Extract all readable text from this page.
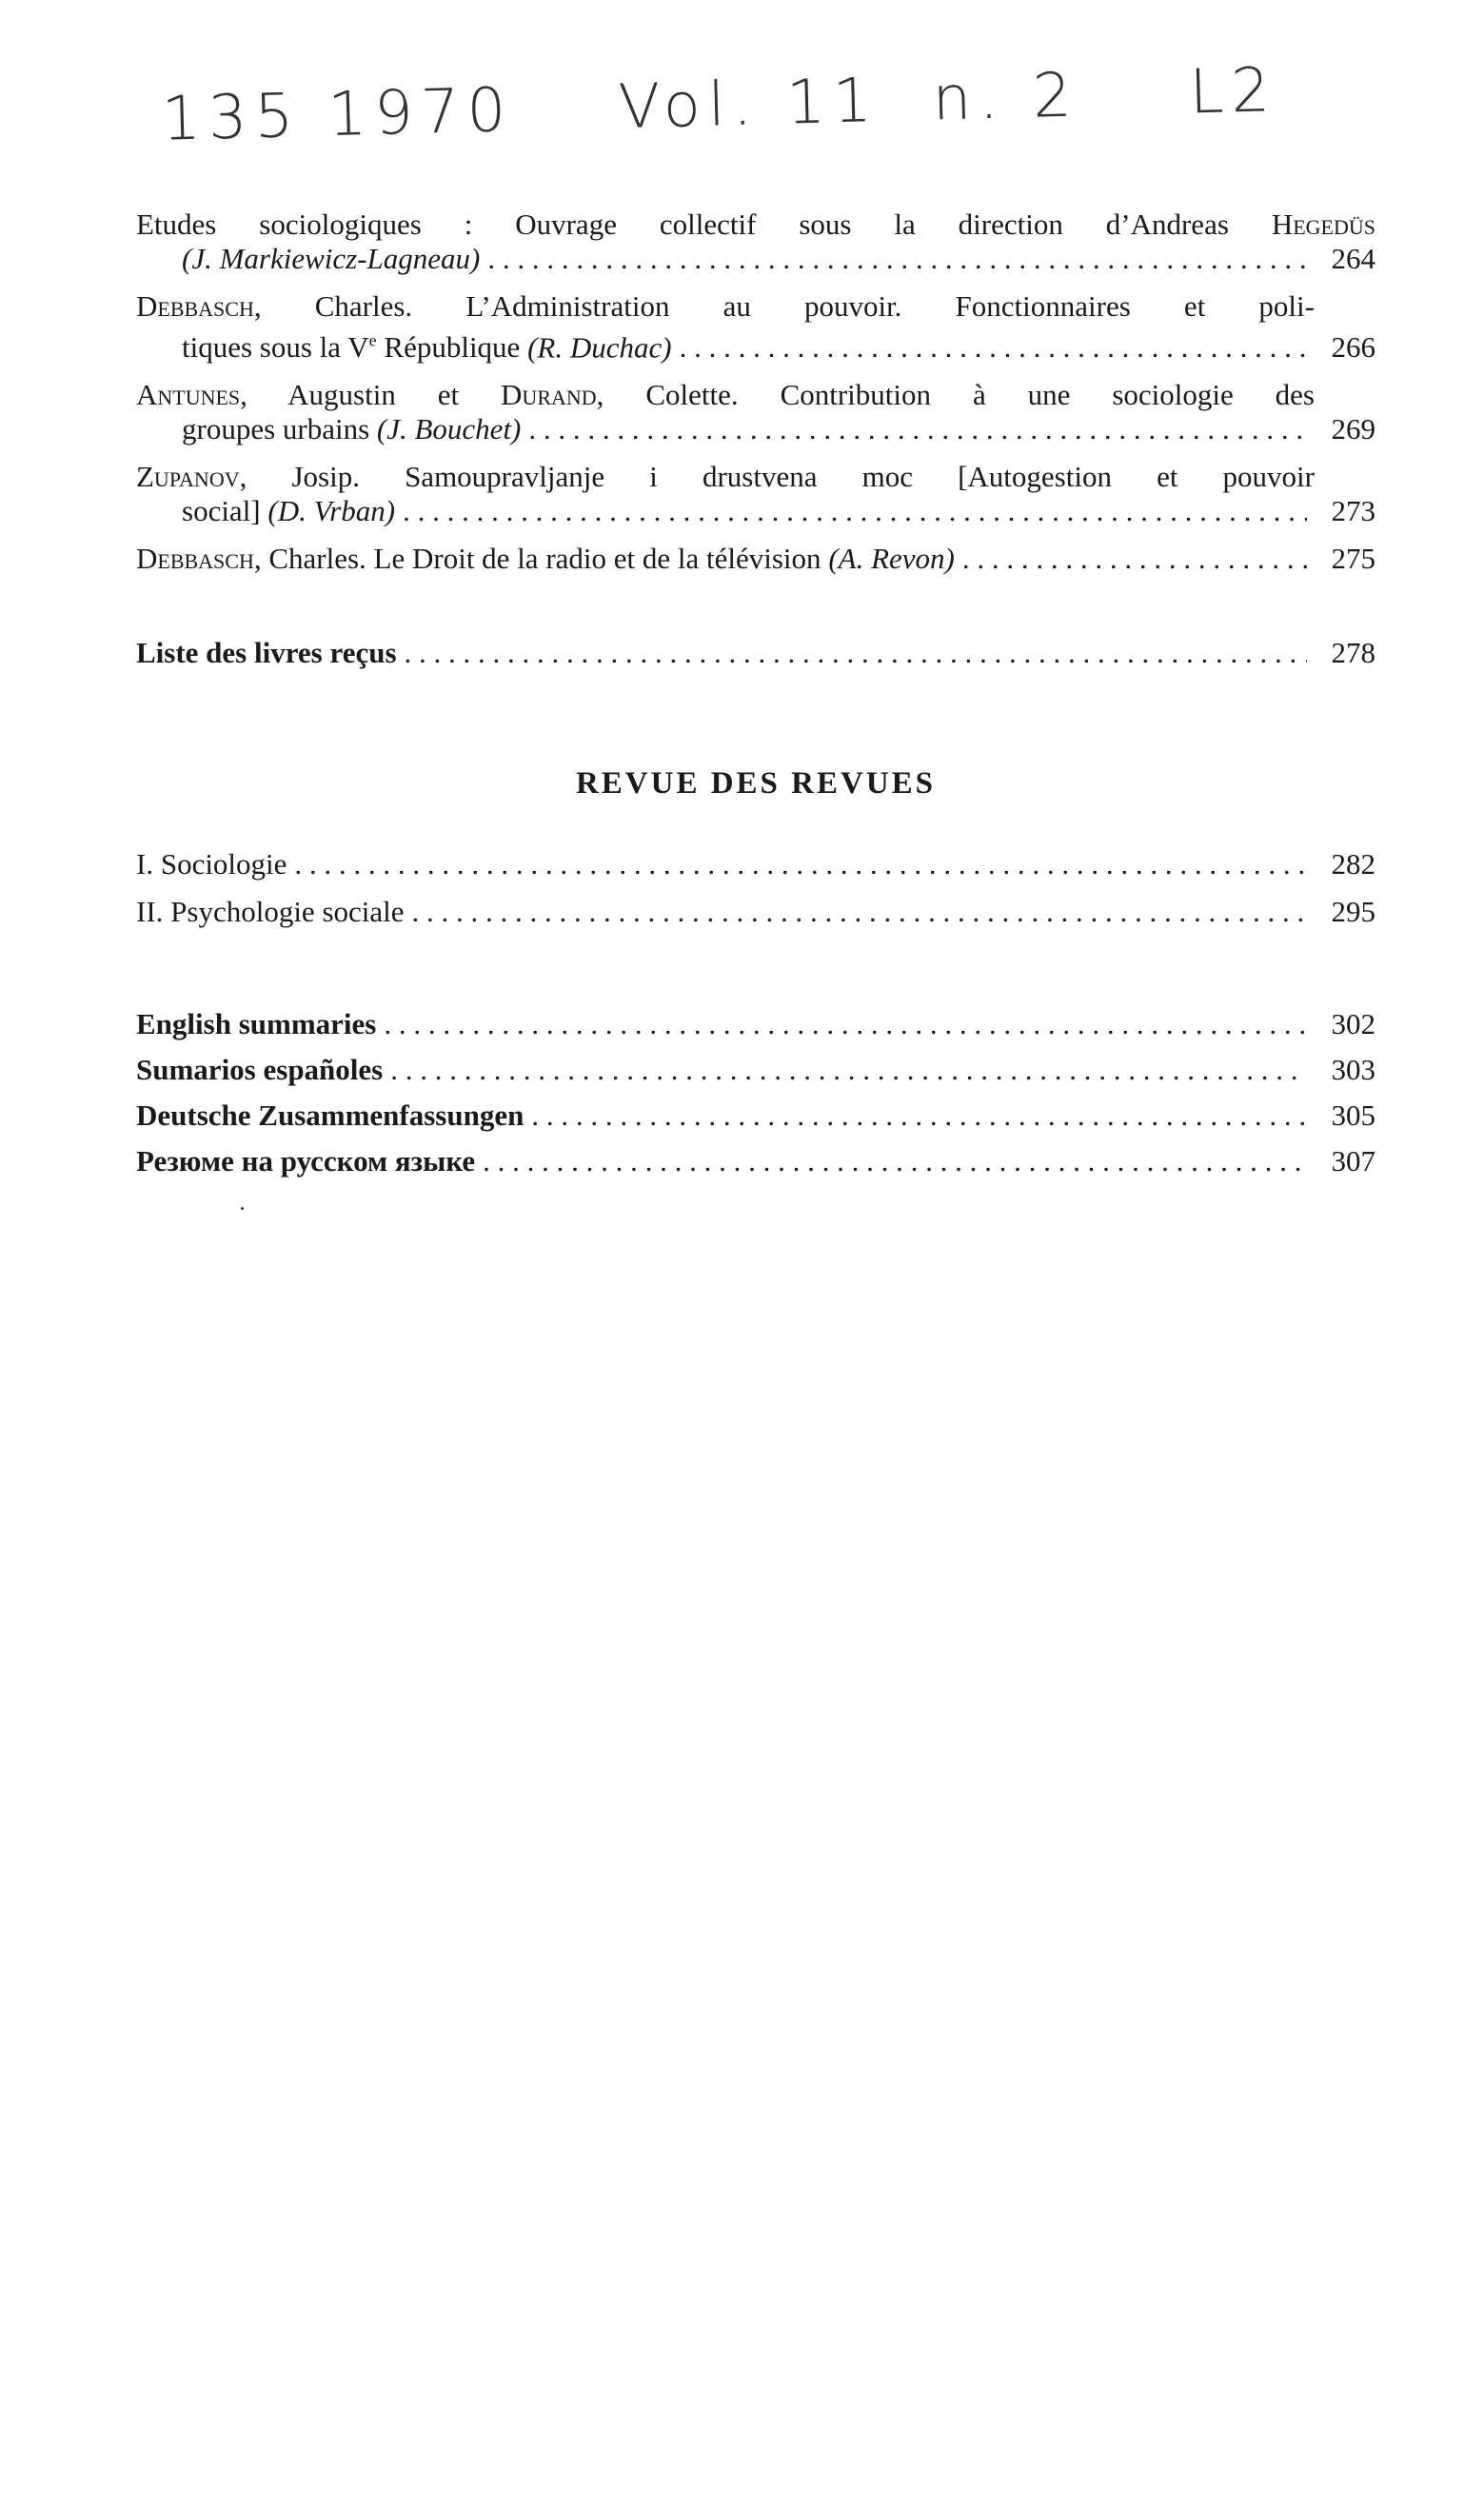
135 1970 Vol. 11 n. 2 L2
Etudes sociologiques : Ouvrage collectif sous la direction d’Andreas Hegedüs
(J. Markiewicz-Lagneau) . . .	264
Debbasch, Charles. L’Administration au pouvoir. Fonctionnaires et poli-
tiques sous la Ve République (R. Duchac) . . .	266
Antunes, Augustin et Durand, Colette. Contribution à une sociologie des
groupes urbains (J. Bouchet) . . .	269
Zupanov, Josip. Samoupravljanje i drustvena moc [Autogestion et pouvoir
social] (D. Vrban) . . .	273
Debbasch, Charles. Le Droit de la radio et de la télévision (A. Revon) . . .	275
Liste des livres reçus . . .	278
REVUE DES REVUES
I. Sociologie . . .	282
II. Psychologie sociale . . .	295
English summaries . . .	302
Sumarios españoles . . .	303
Deutsche Zusammenfassungen . . .	305
Резюме на русском языке . . .	307
